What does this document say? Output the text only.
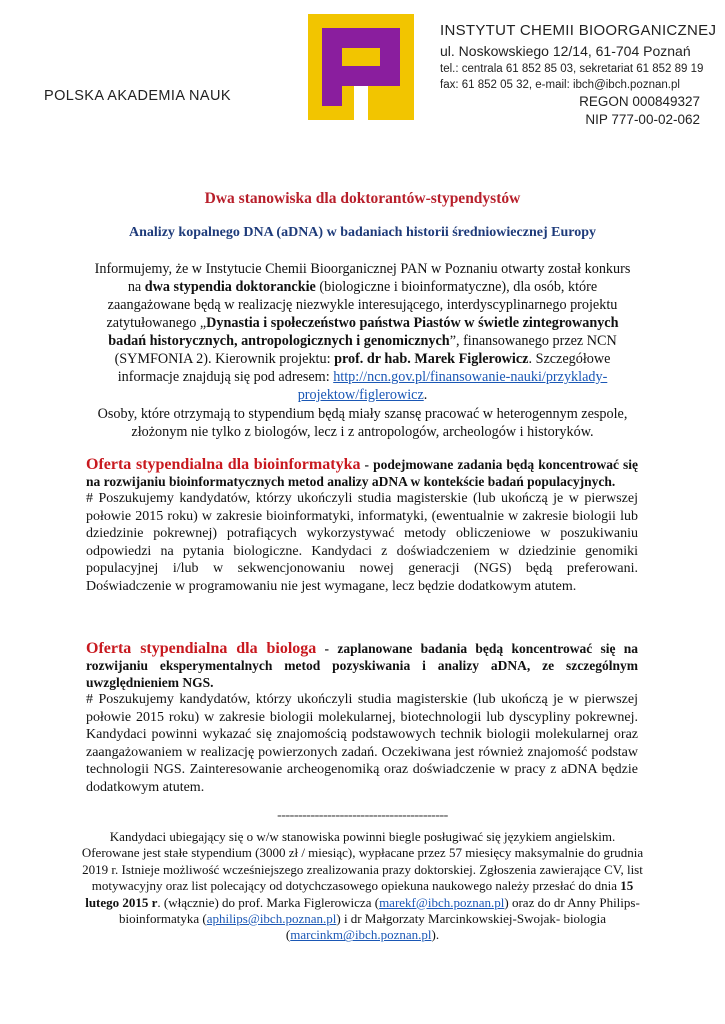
POLSKA AKADEMIA NAUK
INSTYTUT CHEMII BIOORGANICZNEJ
ul. Noskowskiego 12/14, 61-704 Poznań
tel.: centrala 61 852 85 03, sekretariat 61 852 89 19
fax: 61 852 05 32, e-mail: ibch@ibch.poznan.pl
REGON 000849327
NIP 777-00-02-062
Dwa stanowiska dla doktorantów-stypendystów
Analizy kopalnego DNA (aDNA) w badaniach historii średniowiecznej Europy
Informujemy, że w Instytucie Chemii Bioorganicznej PAN w Poznaniu otwarty został konkurs na dwa stypendia doktoranckie (biologiczne i bioinformatyczne), dla osób, które zaangażowane będą w realizację niezwykle interesującego, interdyscyplinarnego projektu zatytułowanego „Dynastia i społeczeństwo państwa Piastów w świetle zintegrowanych badań historycznych, antropologicznych i genomicznych”, finansowanego przez NCN (SYMFONIA 2). Kierownik projektu: prof. dr hab. Marek Figlerowicz. Szczegółowe informacje znajdują się pod adresem: http://ncn.gov.pl/finansowanie-nauki/przyklady-projektow/figlerowicz.
Osoby, które otrzymają to stypendium będą miały szansę pracować w heterogennym zespole, złożonym nie tylko z biologów, lecz i z antropologów, archeologów i historyków.
Oferta stypendialna dla bioinformatyka - podejmowane zadania będą koncentrować się na rozwijaniu bioinformatycznych metod analizy aDNA w kontekście badań populacyjnych.
# Poszukujemy kandydatów, którzy ukończyli studia magisterskie (lub ukończą je w pierwszej połowie 2015 roku) w zakresie bioinformatyki, informatyki, (ewentualnie w zakresie biologii lub dziedzinie pokrewnej) potrafiących wykorzystywać metody obliczeniowe w poszukiwaniu odpowiedzi na pytania biologiczne. Kandydaci z doświadczeniem w dziedzinie genomiki populacyjnej i/lub w sekwencjonowaniu nowej generacji (NGS) będą preferowani. Doświadczenie w programowaniu nie jest wymagane, lecz będzie dodatkowym atutem.
Oferta stypendialna dla biologa - zaplanowane badania będą koncentrować się na rozwijaniu eksperymentalnych metod pozyskiwania i analizy aDNA, ze szczególnym uwzględnieniem NGS.
# Poszukujemy kandydatów, którzy ukończyli studia magisterskie (lub ukończą je w pierwszej połowie 2015 roku) w zakresie biologii molekularnej, biotechnologii lub dyscypliny pokrewnej. Kandydaci powinni wykazać się znajomością podstawowych technik biologii molekularnej oraz zaangażowaniem w realizację powierzonych zadań. Oczekiwana jest również znajomość podstaw technologii NGS. Zainteresowanie archeogenomiką oraz doświadczenie w pracy z aDNA będzie dodatkowym atutem.
-----------------------------------------
Kandydaci ubiegający się o w/w stanowiska powinni biegle posługiwać się językiem angielskim. Oferowane jest stałe stypendium (3000 zł / miesiąc), wypłacane przez 57 miesięcy maksymalnie do grudnia 2019 r. Istnieje możliwość wcześniejszego zrealizowania prazy doktorskiej. Zgłoszenia zawierające CV, list motywacyjny oraz list polecający od dotychczasowego opiekuna naukowego należy przesłać do dnia 15 lutego 2015 r. (włącznie) do prof. Marka Figlerowicza (marekf@ibch.poznan.pl) oraz do dr Anny Philips- bioinformatyka (aphilips@ibch.poznan.pl) i dr Małgorzaty Marcinkowskiej-Swojak- biologia (marcinkm@ibch.poznan.pl).
